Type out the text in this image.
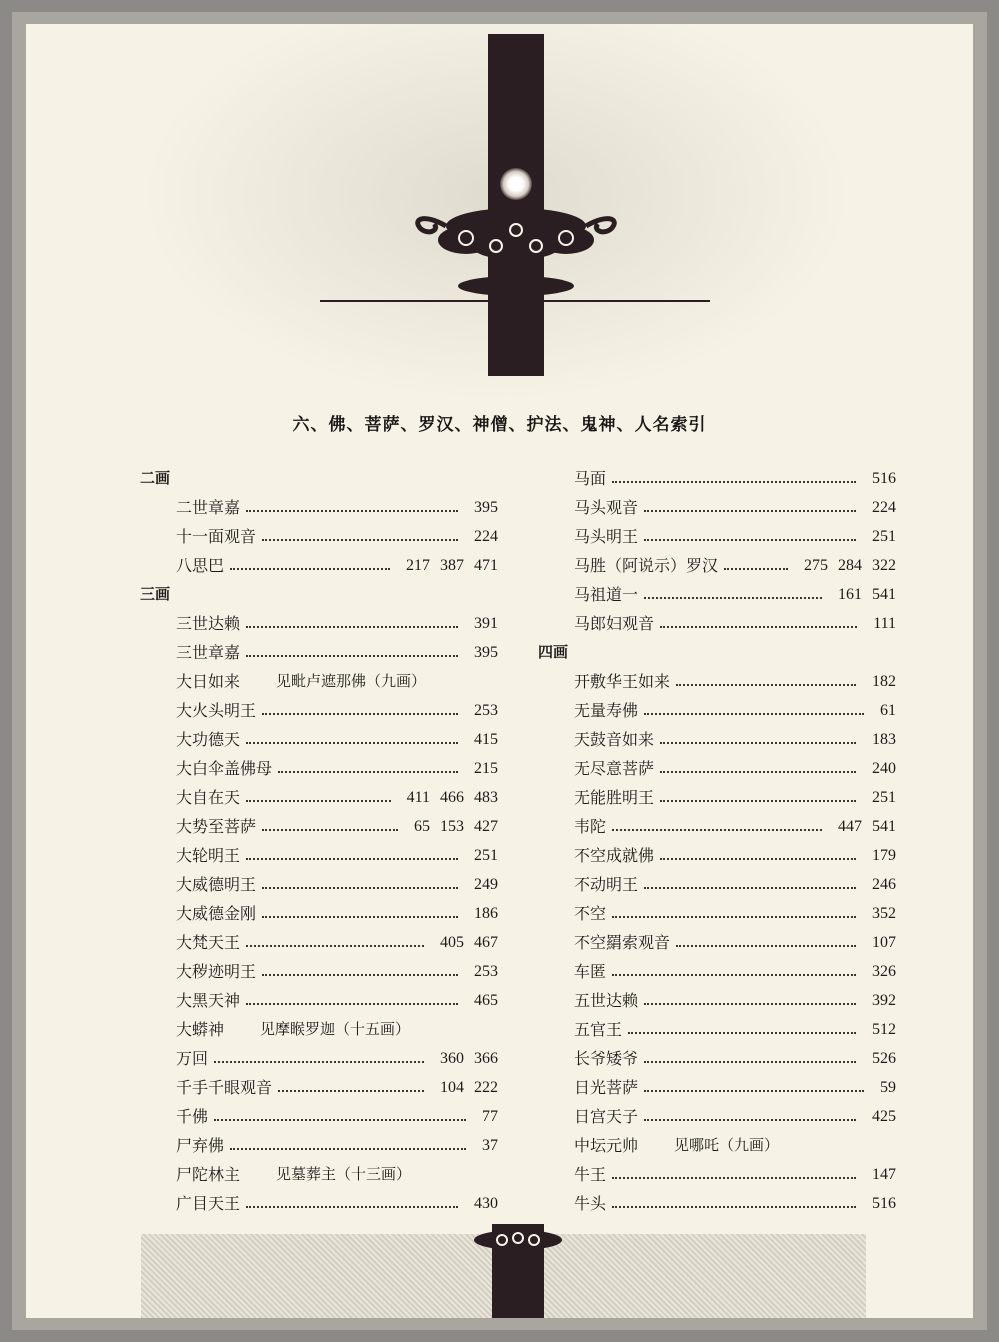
六、佛、菩萨、罗汉、神僧、护法、鬼神、人名索引
二画
二世章嘉	395
十一面观音	224
八思巴	217 387 471
三画
三世达赖	391
三世章嘉	395
大日如来 见毗卢遮那佛（九画）
大火头明王	253
大功德天	415
大白伞盖佛母	215
大自在天	411 466 483
大势至菩萨	65 153 427
大轮明王	251
大威德明王	249
大威德金刚	186
大梵天王	405 467
大秽迹明王	253
大黑天神	465
大蟒神 见摩睺罗迦（十五画）
万回	360 366
千手千眼观音	104 222
千佛	77
尸弃佛	37
尸陀林主 见墓葬主（十三画）
广目天王	430
马面	516
马头观音	224
马头明王	251
马胜（阿说示）罗汉	275 284 322
马祖道一	161 541
马郎妇观音	111
四画
开敷华王如来	182
无量寿佛	61
天鼓音如来	183
无尽意菩萨	240
无能胜明王	251
韦陀	447 541
不空成就佛	179
不动明王	246
不空	352
不空羂索观音	107
车匿	326
五世达赖	392
五官王	512
长爷矮爷	526
日光菩萨	59
日宫天子	425
中坛元帅 见哪吒（九画）
牛王	147
牛头	516
